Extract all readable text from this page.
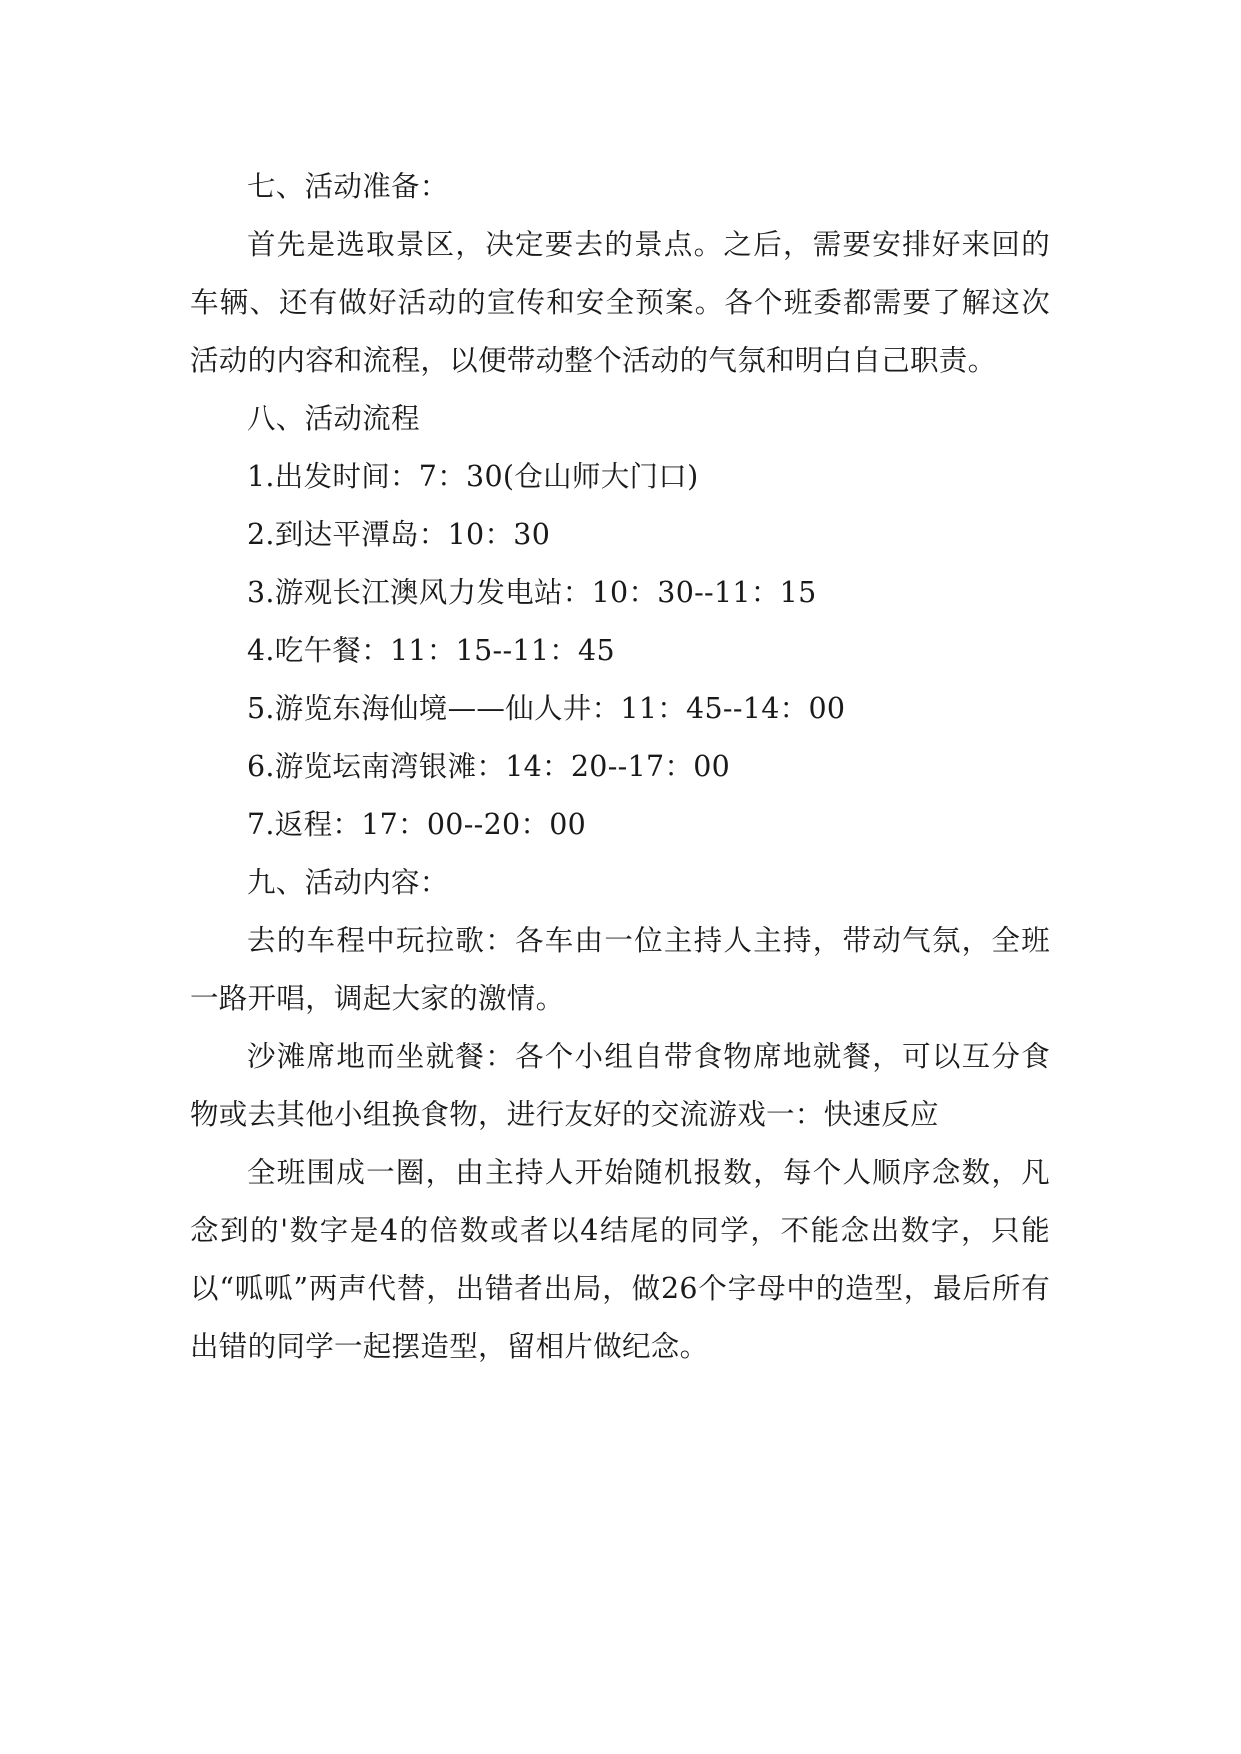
七、活动准备：

首先是选取景区，决定要去的景点。之后，需要安排好来回的车辆、还有做好活动的宣传和安全预案。各个班委都需要了解这次活动的内容和流程，以便带动整个活动的气氛和明白自己职责。

八、活动流程

1.出发时间：7：30(仓山师大门口)

2.到达平潭岛：10：30

3.游观长江澳风力发电站：10：30--11：15

4.吃午餐：11：15--11：45

5.游览东海仙境——仙人井：11：45--14：00

6.游览坛南湾银滩：14：20--17：00

7.返程：17：00--20：00

九、活动内容：

去的车程中玩拉歌：各车由一位主持人主持，带动气氛，全班一路开唱，调起大家的激情。

沙滩席地而坐就餐：各个小组自带食物席地就餐，可以互分食物或去其他小组换食物，进行友好的交流游戏一：快速反应

全班围成一圈，由主持人开始随机报数，每个人顺序念数，凡念到的'数字是4的倍数或者以4结尾的同学，不能念出数字，只能以“呱呱”两声代替，出错者出局，做26个字母中的造型，最后所有出错的同学一起摆造型，留相片做纪念。
